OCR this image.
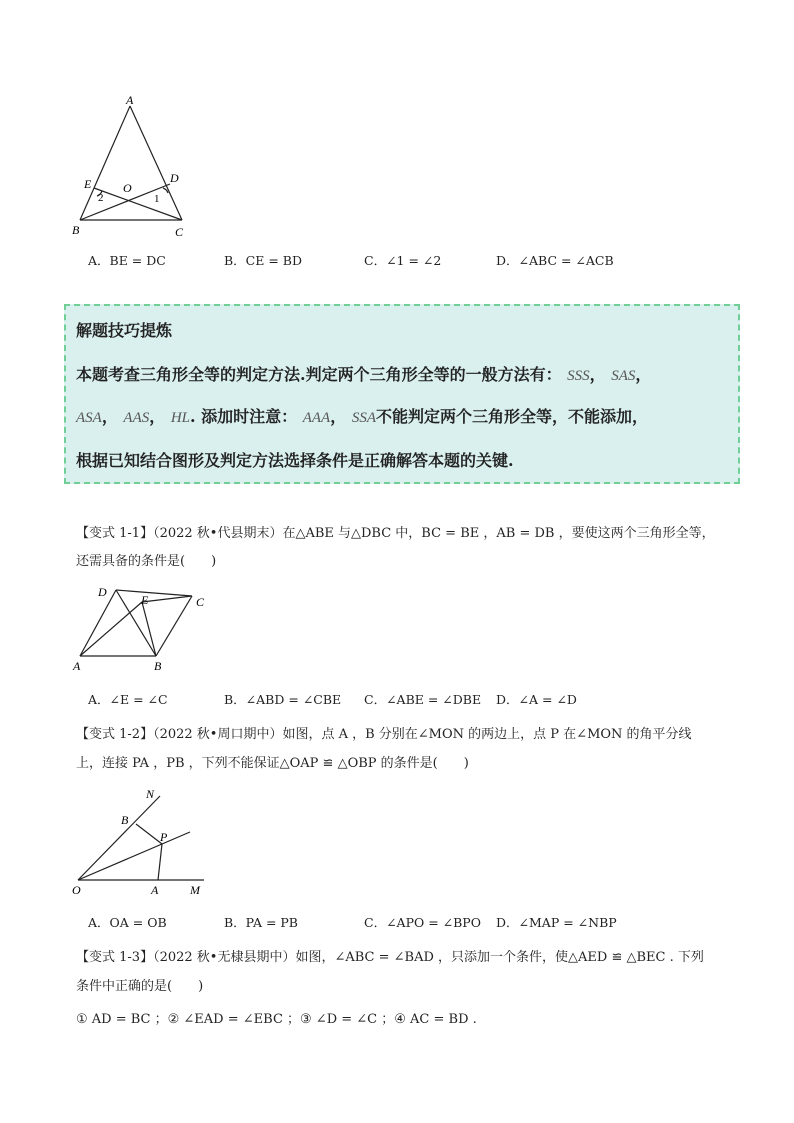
A
E	D
O
2	1
B	C
A．BE = DC	B．CE = BD	C．∠1 = ∠2	D．∠ABC = ∠ACB
解题技巧提炼
本题考查三角形全等的判定方法.判定两个三角形全等的一般方法有： SSS， SAS，
ASA， AAS， HL. 添加时注意： AAA， SSA不能判定两个三角形全等，不能添加，
根据已知结合图形及判定方法选择条件是正确解答本题的关键.
【变式 1-1】（2022 秋•代县期末）在△ABE 与△DBC 中，BC = BE ，AB = DB ，要使这两个三角形全等，
还需具备的条件是(　　)
D
E	C
A	B
A．∠E = ∠C	B．∠ABD = ∠CBE C．∠ABE = ∠DBE D．∠A = ∠D
【变式 1-2】（2022 秋•周口期中）如图，点 A ，B 分别在∠MON 的两边上，点 P 在∠MON 的角平分线
上，连接 PA ，PB ，下列不能保证△OAP ≌ △OBP 的条件是(　　)
N
B
P
O	A	M
A．OA = OB	B．PA = PB	C．∠APO = ∠BPO D．∠MAP = ∠NBP
【变式 1-3】（2022 秋•无棣县期中）如图，∠ABC = ∠BAD ，只添加一个条件，使△AED ≌ △BEC . 下列
条件中正确的是(　　)
① AD = BC ；② ∠EAD = ∠EBC ；③ ∠D = ∠C ；④ AC = BD .
